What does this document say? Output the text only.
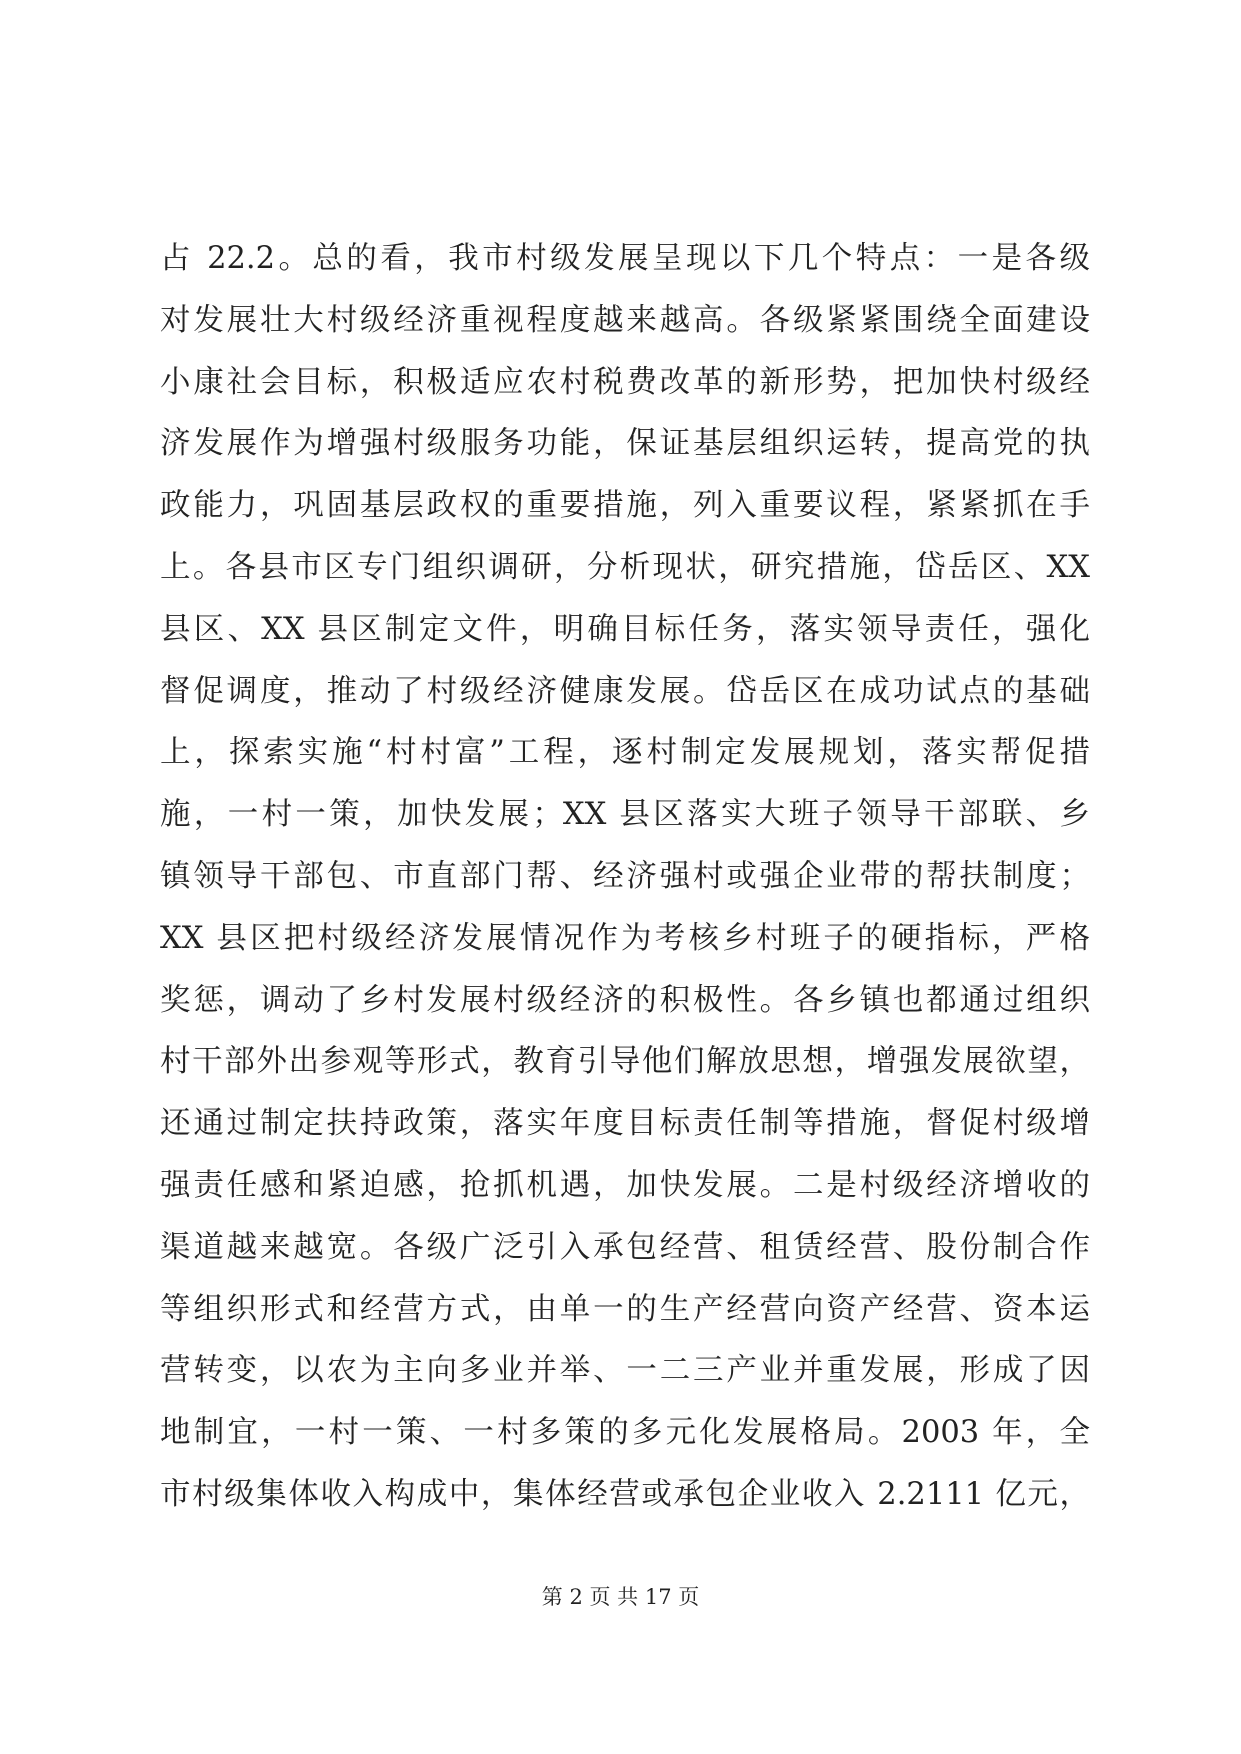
占 22.2。总的看，我市村级发展呈现以下几个特点：一是各级
对发展壮大村级经济重视程度越来越高。各级紧紧围绕全面建设
小康社会目标，积极适应农村税费改革的新形势，把加快村级经
济发展作为增强村级服务功能，保证基层组织运转，提高党的执
政能力，巩固基层政权的重要措施，列入重要议程，紧紧抓在手
上。各县市区专门组织调研，分析现状，研究措施，岱岳区、XX
县区、XX 县区制定文件，明确目标任务，落实领导责任，强化
督促调度，推动了村级经济健康发展。岱岳区在成功试点的基础
上，探索实施“村村富”工程，逐村制定发展规划，落实帮促措
施，一村一策，加快发展；XX 县区落实大班子领导干部联、乡
镇领导干部包、市直部门帮、经济强村或强企业带的帮扶制度；
XX 县区把村级经济发展情况作为考核乡村班子的硬指标，严格
奖惩，调动了乡村发展村级经济的积极性。各乡镇也都通过组织
村干部外出参观等形式，教育引导他们解放思想，增强发展欲望，
还通过制定扶持政策，落实年度目标责任制等措施，督促村级增
强责任感和紧迫感，抢抓机遇，加快发展。二是村级经济增收的
渠道越来越宽。各级广泛引入承包经营、租赁经营、股份制合作
等组织形式和经营方式，由单一的生产经营向资产经营、资本运
营转变，以农为主向多业并举、一二三产业并重发展，形成了因
地制宜，一村一策、一村多策的多元化发展格局。2003 年，全
市村级集体收入构成中，集体经营或承包企业收入 2.2111 亿元，
第 2 页 共 17 页
